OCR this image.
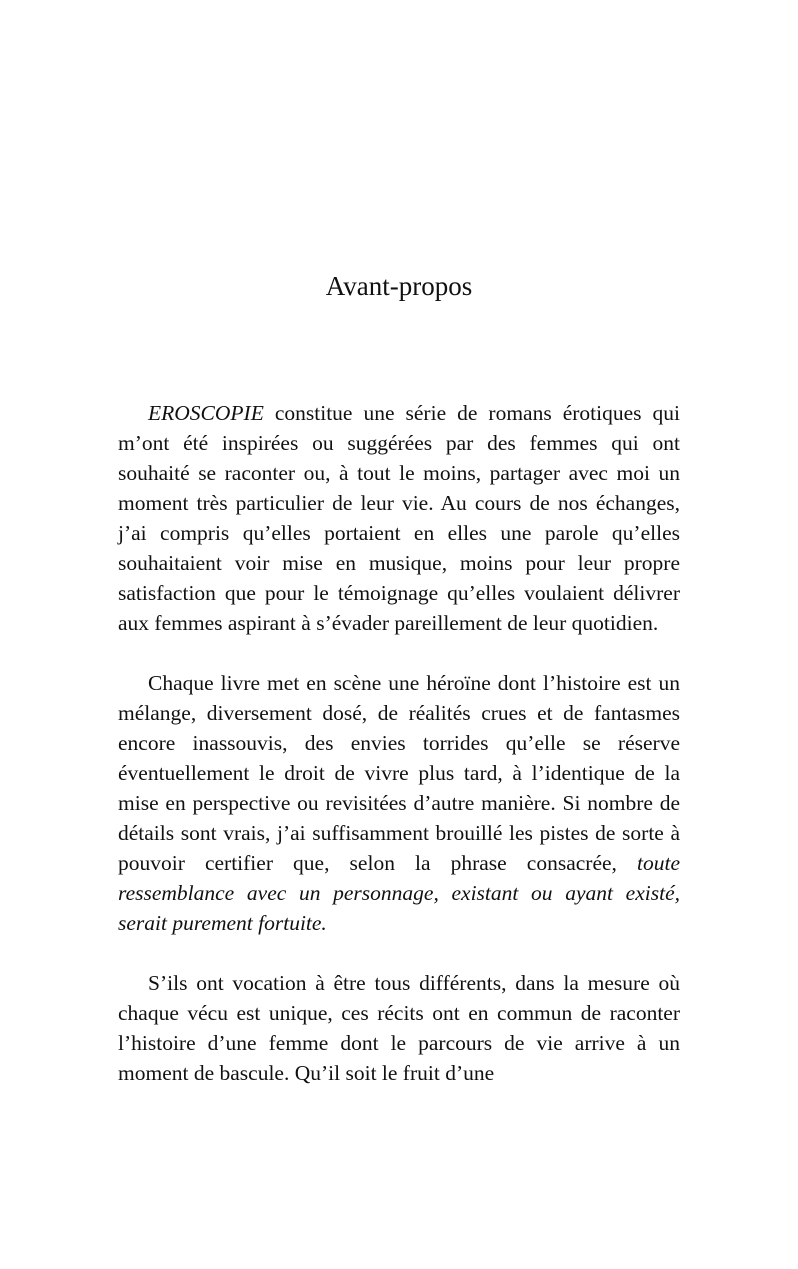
Avant-propos

EROSCOPIE constitue une série de romans érotiques qui m’ont été inspirées ou suggérées par des femmes qui ont souhaité se raconter ou, à tout le moins, partager avec moi un moment très particulier de leur vie. Au cours de nos échanges, j’ai compris qu’elles portaient en elles une parole qu’elles souhaitaient voir mise en musique, moins pour leur propre satisfaction que pour le témoignage qu’elles voulaient délivrer aux femmes aspirant à s’évader pareillement de leur quotidien.

Chaque livre met en scène une héroïne dont l’histoire est un mélange, diversement dosé, de réalités crues et de fantasmes encore inassouvis, des envies torrides qu’elle se réserve éventuellement le droit de vivre plus tard, à l’identique de la mise en perspective ou revisitées d’autre manière. Si nombre de détails sont vrais, j’ai suffisamment brouillé les pistes de sorte à pouvoir certifier que, selon la phrase consacrée, toute ressemblance avec un personnage, existant ou ayant existé, serait purement fortuite.

S’ils ont vocation à être tous différents, dans la mesure où chaque vécu est unique, ces récits ont en commun de raconter l’histoire d’une femme dont le parcours de vie arrive à un moment de bascule. Qu’il soit le fruit d’une
